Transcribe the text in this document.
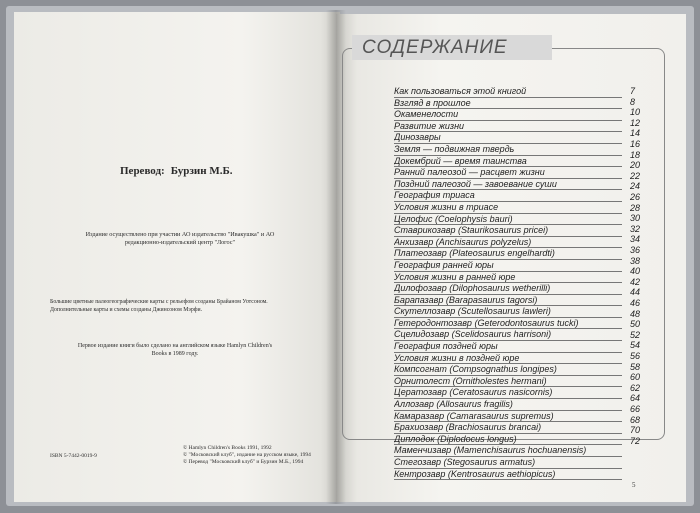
Перевод: Бурзин М.Б.
Издание осуществлено при участии АО издательство "Ивакушка" и АО редакционно-издательский центр "Логос"
Большие цветные палеогеографические карты с рельефом созданы Брайаном Уотсоном. Дополнительные карты и схемы созданы Джинсоном Мэрфи.
Первое издание книги было сделано на английском языке Hamlyn Children's Books в 1989 году.
ISBN 5-7442-0019-9
© Hamlyn Children's Books 1991, 1992
© "Московский клуб", издание на русском языке, 1994
© Перевод "Московский клуб" и Бурзин М.Б., 1994
СОДЕРЖАНИЕ
Как пользоваться этой книгой
Взгляд в прошлое
Окаменелости
Развитие жизни
Динозавры
Земля — подвижная твердь
Докембрий — время таинства
Ранний палеозой — расцвет жизни
Поздний палеозой — завоевание суши
География триаса
Условия жизни в триасе
Целофис (Coelophysis bauri)
Ставрикозавр (Staurikosaurus pricei)
Анхизавр (Anchisaurus polyzelus)
Платеозавр (Plateosaurus engelhardti)
География ранней юры
Условия жизни в ранней юре
Дилофозавр (Dilophosaurus wetherilli)
Барапазавр (Barapasaurus tagorsi)
Скутеллозавр (Scutellosaurus lawleri)
Гетеродонтозавр (Geterodontosaurus tucki)
Сцелидозавр (Scelidosaurus harrisoni)
География поздней юры
Условия жизни в поздней юре
Компсогнат (Compsognathus longipes)
Орнитолест (Ornitholestes hermani)
Цератозавр (Ceratosaurus nasicornis)
Аллозавр (Allosaurus fragilis)
Камаразавр (Camarasaurus supremus)
Брахиозавр (Brachiosaurus brancai)
Диплодок (Diplodocus longus)
Маменчизавр (Mamenchisaurus hochuanensis)
Стегозавр (Stegosaurus armatus)
Кентрозавр (Kentrosaurus aethiopicus)
7
8
10
12
14
16
18
20
22
24
26
28
30
32
34
36
38
40
42
44
46
48
50
52
54
56
58
60
62
64
66
68
70
72
5
